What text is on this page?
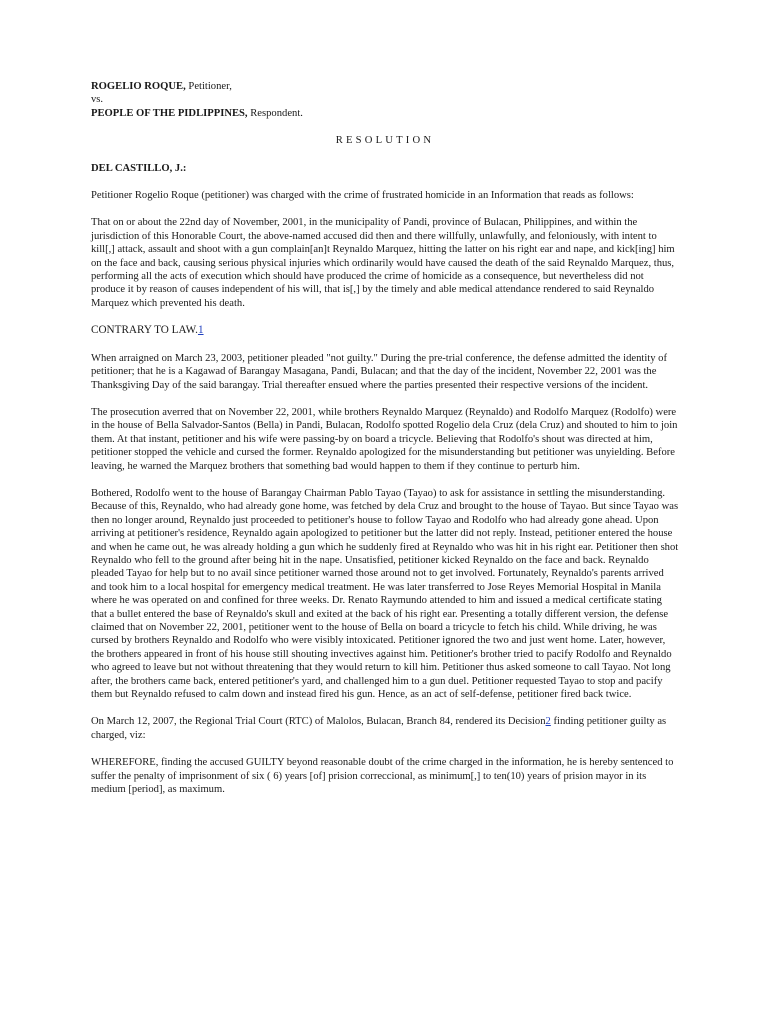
ROGELIO ROQUE, Petitioner,

vs.

PEOPLE OF THE PIDLIPPINES, Respondent.

RESOLUTION

DEL CASTILLO, J.:

Petitioner Rogelio Roque (petitioner) was charged with the crime of frustrated homicide in an Information that reads as follows:

That on or about the 22nd day of November, 2001, in the municipality of Pandi, province of Bulacan, Philippines, and within the jurisdiction of this Honorable Court, the above-named accused did then and there willfully, unlawfully, and feloniously, with intent to kill[,] attack, assault and shoot with a gun complain[an]t Reynaldo Marquez, hitting the latter on his right ear and nape, and kick[ing] him on the face and back, causing serious physical injuries which ordinarily would have caused the death of the said Reynaldo Marquez, thus, performing all the acts of execution which should have produced the crime of homicide as a consequence, but nevertheless did not produce it by reason of causes independent of his will, that is[,] by the timely and able medical attendance rendered to said Reynaldo Marquez which prevented his death.

CONTRARY TO LAW.1

When arraigned on March 23, 2003, petitioner pleaded "not guilty." During the pre-trial conference, the defense admitted the identity of petitioner; that he is a Kagawad of Barangay Masagana, Pandi, Bulacan; and that the day of the incident, November 22, 2001 was the Thanksgiving Day of the said barangay. Trial thereafter ensued where the parties presented their respective versions of the incident.

The prosecution averred that on November 22, 2001, while brothers Reynaldo Marquez (Reynaldo) and Rodolfo Marquez (Rodolfo) were in the house of Bella Salvador-Santos (Bella) in Pandi, Bulacan, Rodolfo spotted Rogelio dela Cruz (dela Cruz) and shouted to him to join them. At that instant, petitioner and his wife were passing-by on board a tricycle. Believing that Rodolfo's shout was directed at him, petitioner stopped the vehicle and cursed the former. Reynaldo apologized for the misunderstanding but petitioner was unyielding. Before leaving, he warned the Marquez brothers that something bad would happen to them if they continue to perturb him.

Bothered, Rodolfo went to the house of Barangay Chairman Pablo Tayao (Tayao) to ask for assistance in settling the misunderstanding. Because of this, Reynaldo, who had already gone home, was fetched by dela Cruz and brought to the house of Tayao. But since Tayao was then no longer around, Reynaldo just proceeded to petitioner's house to follow Tayao and Rodolfo who had already gone ahead. Upon arriving at petitioner's residence, Reynaldo again apologized to petitioner but the latter did not reply. Instead, petitioner entered the house and when he came out, he was already holding a gun which he suddenly fired at Reynaldo who was hit in his right ear. Petitioner then shot Reynaldo who fell to the ground after being hit in the nape. Unsatisfied, petitioner kicked Reynaldo on the face and back. Reynaldo pleaded Tayao for help but to no avail since petitioner warned those around not to get involved. Fortunately, Reynaldo's parents arrived and took him to a local hospital for emergency medical treatment. He was later transferred to Jose Reyes Memorial Hospital in Manila where he was operated on and confined for three weeks. Dr. Renato Raymundo attended to him and issued a medical certificate stating that a bullet entered the base of Reynaldo's skull and exited at the back of his right ear. Presenting a totally different version, the defense claimed that on November 22, 2001, petitioner went to the house of Bella on board a tricycle to fetch his child. While driving, he was cursed by brothers Reynaldo and Rodolfo who were visibly intoxicated. Petitioner ignored the two and just went home. Later, however, the brothers appeared in front of his house still shouting invectives against him. Petitioner's brother tried to pacify Rodolfo and Reynaldo who agreed to leave but not without threatening that they would return to kill him. Petitioner thus asked someone to call Tayao. Not long after, the brothers came back, entered petitioner's yard, and challenged him to a gun duel. Petitioner requested Tayao to stop and pacify them but Reynaldo refused to calm down and instead fired his gun. Hence, as an act of self-defense, petitioner fired back twice.

On March 12, 2007, the Regional Trial Court (RTC) of Malolos, Bulacan, Branch 84, rendered its Decision2 finding petitioner guilty as charged, viz:

WHEREFORE, finding the accused GUILTY beyond reasonable doubt of the crime charged in the information, he is hereby sentenced to suffer the penalty of imprisonment of six ( 6) years [of] prision correccional, as minimum[,] to ten(10) years of prision mayor in its medium [period], as maximum.
